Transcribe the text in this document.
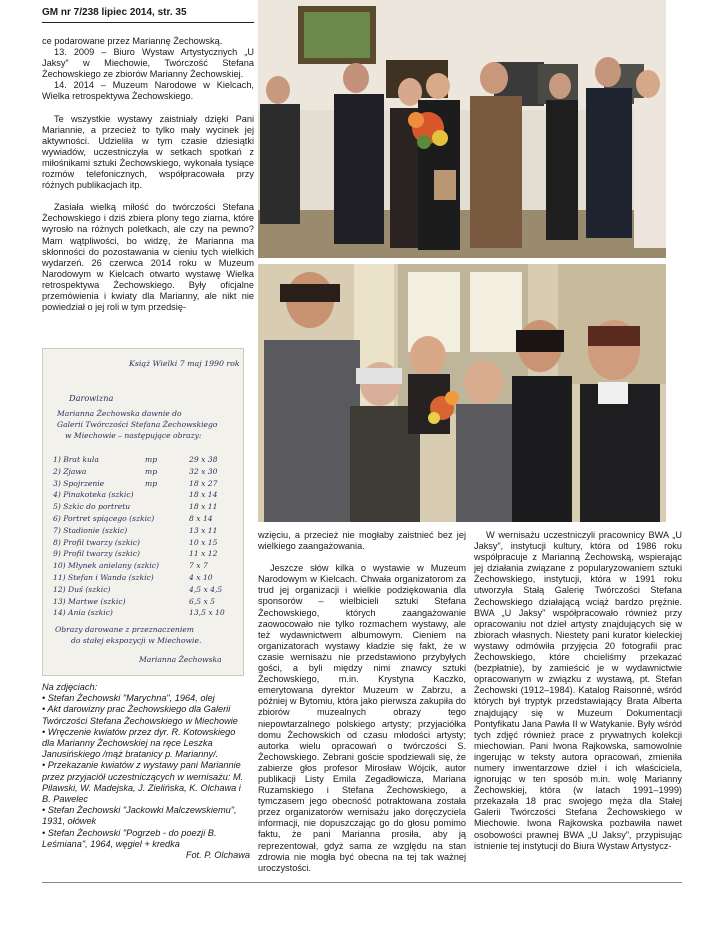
GM nr 7/238 lipiec 2014, str. 35

ce podarowane przez Mariannę Żechowską.

13. 2009 – Biuro Wystaw Artystycznych „U Jaksy” w Miechowie, Twórczość Stefana Żechowskiego ze zbiorów Marianny Żechowskiej.

14. 2014 – Muzeum Narodowe w Kielcach, Wielka retrospektywa Żechowskiego.

Te wszystkie wystawy zaistniały dzięki Pani Mariannie, a przecież to tylko mały wycinek jej aktywności. Udzieliła w tym czasie dziesiątki wywiadów, uczestniczyła w setkach spotkań z miłośnikami sztuki Żechowskiego, wykonała tysiące rozmów telefonicznych, współpracowała przy różnych publikacjach itp.

Zasiała wielką miłość do twórczości Stefana Żechowskiego i dziś zbiera plony tego ziarna, które wyrosło na różnych poletkach, ale czy na pewno? Mam wątpliwości, bo widzę, że Marianna ma skłonności do pozostawania w cieniu tych wielkich wydarzeń. 26 czerwca 2014 roku w Muzeum Narodowym w Kielcach otwarto wystawę Wielka retrospektywa Żechowskiego. Były oficjalne przemówienia i kwiaty dla Marianny, ale nikt nie powiedział o jej roli w tym przedsię-

Książ Wielki 7 maj 1990 rok
Darowizna
Marianna Żechowska dawnie do
Galerii Twórczości Stefana Żechowskiego
w Miechowie – następujące obrazy:
1) Brat kula	mp	29 x 38
2) Zjawa	mp	32 x 30
3) Spojrzenie	mp	18 x 27
4) Pinakoteka (szkic)	18 x 14
5) Szkic do portretu	18 x 11
6) Portret spiącego (szkic)	8 x 14
7) Stadionie (szkic)	13 x 11
8) Profil twarzy (szkic)	10 x 15
9) Profil twarzy (szkic)	11 x 12
10) Młynek anielany (szkic)	7 x 7
11) Stefan i Wanda (szkic)	4 x 10
12) Duś (szkic)	4,5 x 4,5
13) Martwe (szkic)	6,5 x 5
14) Ania (szkic)	13,5 x 10
Obrazy darowane z przeznaczeniem
do stałej ekspozycji w Miechowie.
Marianna Żechowska
Na zdjęciach:
• Stefan Żechowski "Marychna", 1964, olej
• Akt darowizny prac Żechowskiego dla Galerii Twórczości Stefana Żechowskiego w Miechowie
• Wręczenie kwiatów przez dyr. R. Kotowskiego dla Marianny Żechowskiej na ręce Leszka Janusińskiego /mąż bratanicy p. Marianny/.
• Przekazanie kwiatów z wystawy pani Mariannie przez przyjaciół uczestniczących w wernisażu: M. Pilawski, W. Madejska, J. Zielińska, K. Olchawa i B. Pawelec
• Stefan Żechowski "Jackowki Malczewskiemu", 1931, ołówek
• Stefan Żechowski "Pogrzeb - do poezji B. Leśmiana", 1964, węgiel + kredka
Fot. P. Olchawa

wzięciu, a przecież nie mogłaby zaistnieć bez jej wielkiego zaangażowania.

Jeszcze słów kilka o wystawie w Muzeum Narodowym w Kielcach. Chwała organizatorom za trud jej organizacji i wielkie podziękowania dla sponsorów – wielbicieli sztuki Stefana Żechowskiego, których zaangażowanie zaowocowało nie tylko rozmachem wystawy, ale też wydawnictwem albumowym. Cieniem na organizatorach wystawy kładzie się fakt, że w czasie wernisażu nie przedstawiono przybyłych gości, a byli między nimi znawcy sztuki Żechowskiego, m.in. Krystyna Kaczko, emerytowana dyrektor Muzeum w Zabrzu, a później w Bytomiu, która jako pierwsza zakupiła do zbiorów muzealnych obrazy tego niepowtarzalnego polskiego artysty; przyjaciółka domu Żechowskich od czasu młodości artysty; autorka wielu opracowań o twórczości S. Żechowskiego. Zebrani goście spodziewali się, że zabierze głos profesor Mirosław Wójcik, autor publikacji Listy Emila Zegadłowicza, Mariana Ruzamskiego i Stefana Żechowskiego, a tymczasem jego obecność potraktowana została przez organizatorów wernisażu jako doręczyciela informacji, nie dopuszczając go do głosu pomimo faktu, że pani Marianna prosiła, aby ją reprezentował, gdyż sama ze względu na stan zdrowia nie mogła być obecna na tej tak ważnej uroczystości.

W wernisażu uczestniczyli pracownicy BWA „U Jaksy”, instytucji kultury, która od 1986 roku współpracuje z Marianną Żechowską, wspierając jej działania związane z popularyzowaniem sztuki Żechowskiego, instytucji, która w 1991 roku utworzyła Stałą Galerię Twórczości Stefana Żechowskiego działającą wciąż bardzo prężnie. BWA „U Jaksy” współpracowało również przy opracowaniu not dzieł artysty znajdujących się w zbiorach własnych. Niestety pani kurator kieleckiej wystawy odmówiła przyjęcia 20 fotografii prac Żechowskiego, które chcieliśmy przekazać (bezpłatnie), by zamieścić je w wydawnictwie opracowanym w związku z wystawą, pt. Stefan Żechowski (1912–1984). Katalog Raisonné, wśród których był tryptyk przedstawiający Brata Alberta znajdujący się w Muzeum Dokumentacji Pontyfikatu Jana Pawła II w Watykanie. Były wśród tych zdjęć również prace z prywatnych kolekcji miechowian. Pani Iwona Rajkowska, samowolnie ingerując w teksty autora opracowań, zmieniła numery inwentarzowe dzieł i ich właściciela, ignorując w ten sposób m.in. wolę Marianny Żechowskiej, która (w latach 1991–1999) przekazała 18 prac swojego męża dla Stałej Galerii Twórczości Stefana Żechowskiego w Miechowie. Iwona Rajkowska pozbawiła nawet osobowości prawnej BWA „U Jaksy”, przypisując istnienie tej instytucji do Biura Wystaw Artystycz-
